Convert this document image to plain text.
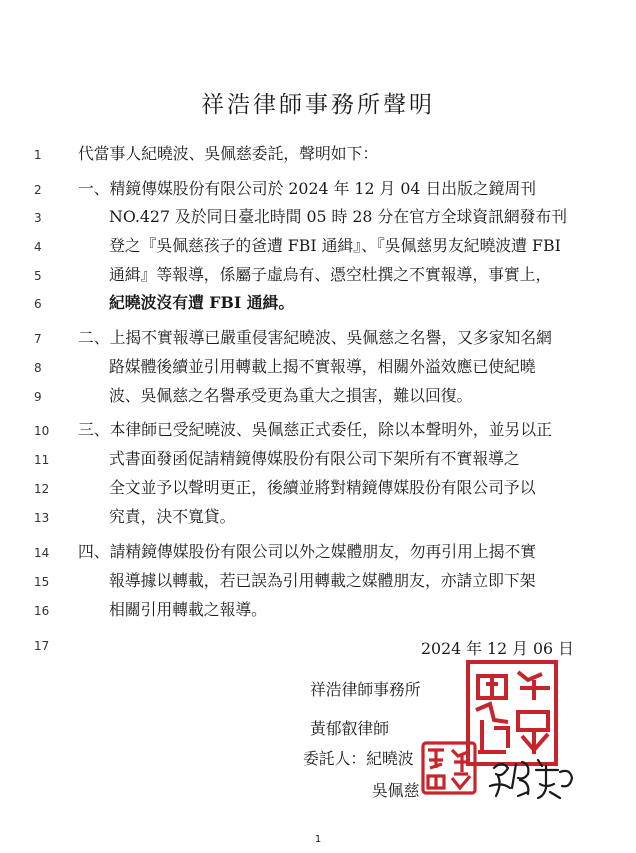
祥浩律師事務所聲明
1
2
3
4
5
6
7
8
9
10
11
12
13
14
15
16
17
代當事人紀曉波、吳佩慈委託，聲明如下：
一、精鏡傳媒股份有限公司於 2024 年 12 月 04 日出版之鏡周刊
NO.427 及於同日臺北時間 05 時 28 分在官方全球資訊網發布刊
登之『吳佩慈孩子的爸遭 FBI 通緝』、『吳佩慈男友紀曉波遭 FBI
通緝』等報導，係屬子虛烏有、憑空杜撰之不實報導，事實上，
紀曉波沒有遭 FBI 通緝。
二、上揭不實報導已嚴重侵害紀曉波、吳佩慈之名譽，又多家知名網
路媒體後續並引用轉載上揭不實報導，相關外溢效應已使紀曉
波、吳佩慈之名譽承受更為重大之損害，難以回復。
三、本律師已受紀曉波、吳佩慈正式委任，除以本聲明外，並另以正
式書面發函促請精鏡傳媒股份有限公司下架所有不實報導之
全文並予以聲明更正，後續並將對精鏡傳媒股份有限公司予以
究責，決不寬貸。
四、請精鏡傳媒股份有限公司以外之媒體朋友，勿再引用上揭不實
報導據以轉載，若已誤為引用轉載之媒體朋友，亦請立即下架
相關引用轉載之報導。
2024 年 12 月 06 日
祥浩律師事務所
黃郁叡律師
委託人：紀曉波
吳佩慈
1
